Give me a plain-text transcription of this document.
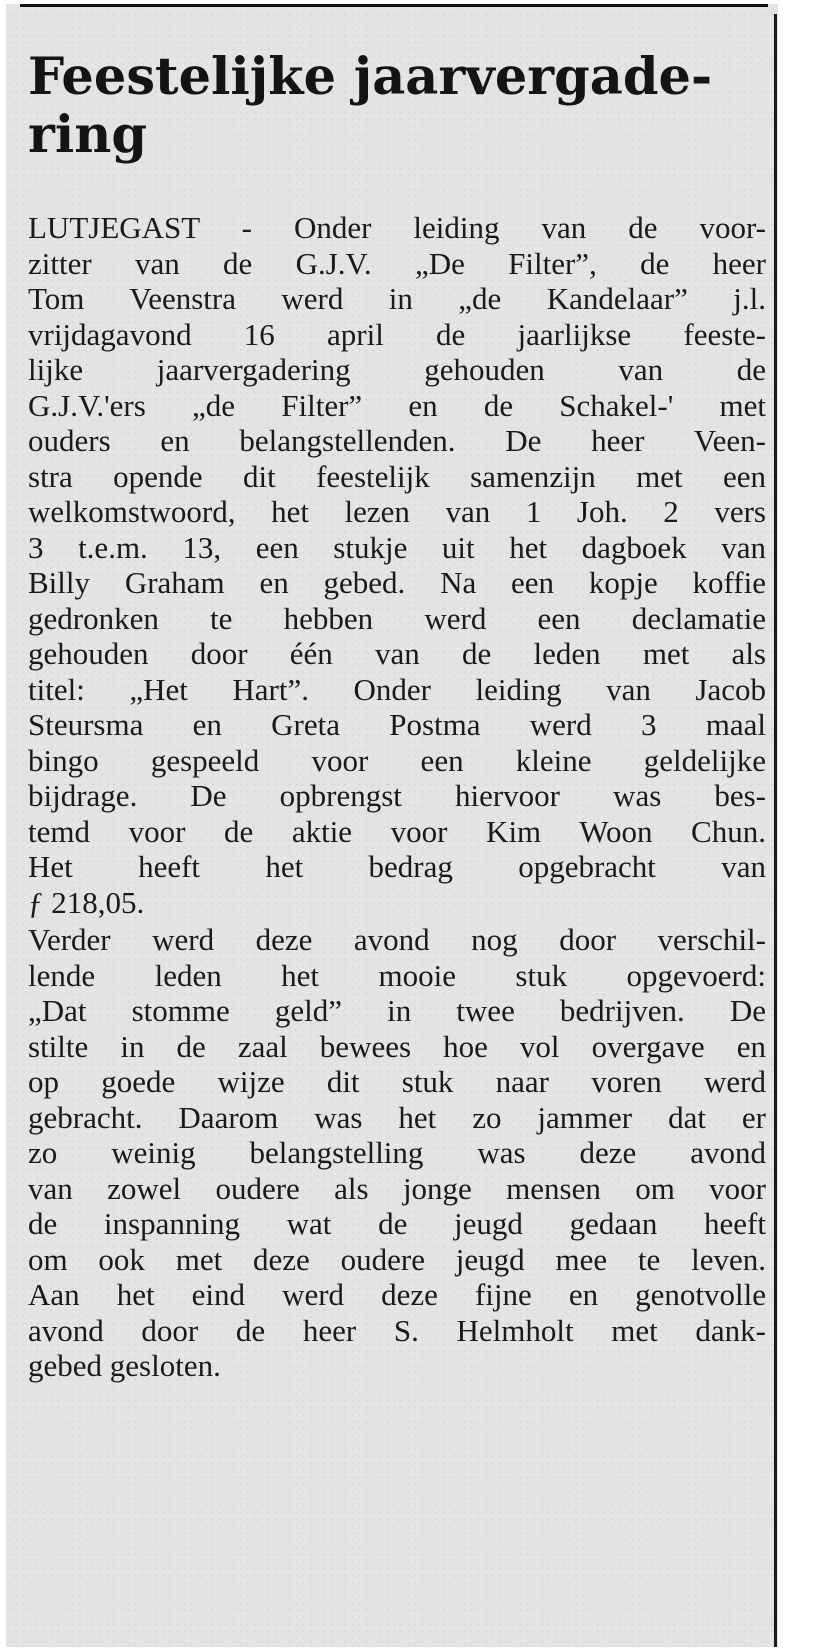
Feestelijke jaarvergade-
ring
LUTJEGAST - Onder leiding van de voor-
zitter van de G.J.V. „De Filter”, de heer
Tom Veenstra werd in „de Kandelaar” j.l.
vrijdagavond 16 april de jaarlijkse feeste-
lijke jaarvergadering gehouden van de
G.J.V.'ers „de Filter” en de Schakel-' met
ouders en belangstellenden. De heer Veen-
stra opende dit feestelijk samenzijn met een
welkomstwoord, het lezen van 1 Joh. 2 vers
3 t.e.m. 13, een stukje uit het dagboek van
Billy Graham en gebed. Na een kopje koffie
gedronken te hebben werd een declamatie
gehouden door één van de leden met als
titel: „Het Hart”. Onder leiding van Jacob
Steursma en Greta Postma werd 3 maal
bingo gespeeld voor een kleine geldelijke
bijdrage. De opbrengst hiervoor was bes-
temd voor de aktie voor Kim Woon Chun.
Het heeft het bedrag opgebracht van
ƒ 218,05.
Verder werd deze avond nog door verschil-
lende leden het mooie stuk opgevoerd:
„Dat stomme geld” in twee bedrijven. De
stilte in de zaal bewees hoe vol overgave en
op goede wijze dit stuk naar voren werd
gebracht. Daarom was het zo jammer dat er
zo weinig belangstelling was deze avond
van zowel oudere als jonge mensen om voor
de inspanning wat de jeugd gedaan heeft
om ook met deze oudere jeugd mee te leven.
Aan het eind werd deze fijne en genotvolle
avond door de heer S. Helmholt met dank-
gebed gesloten.
